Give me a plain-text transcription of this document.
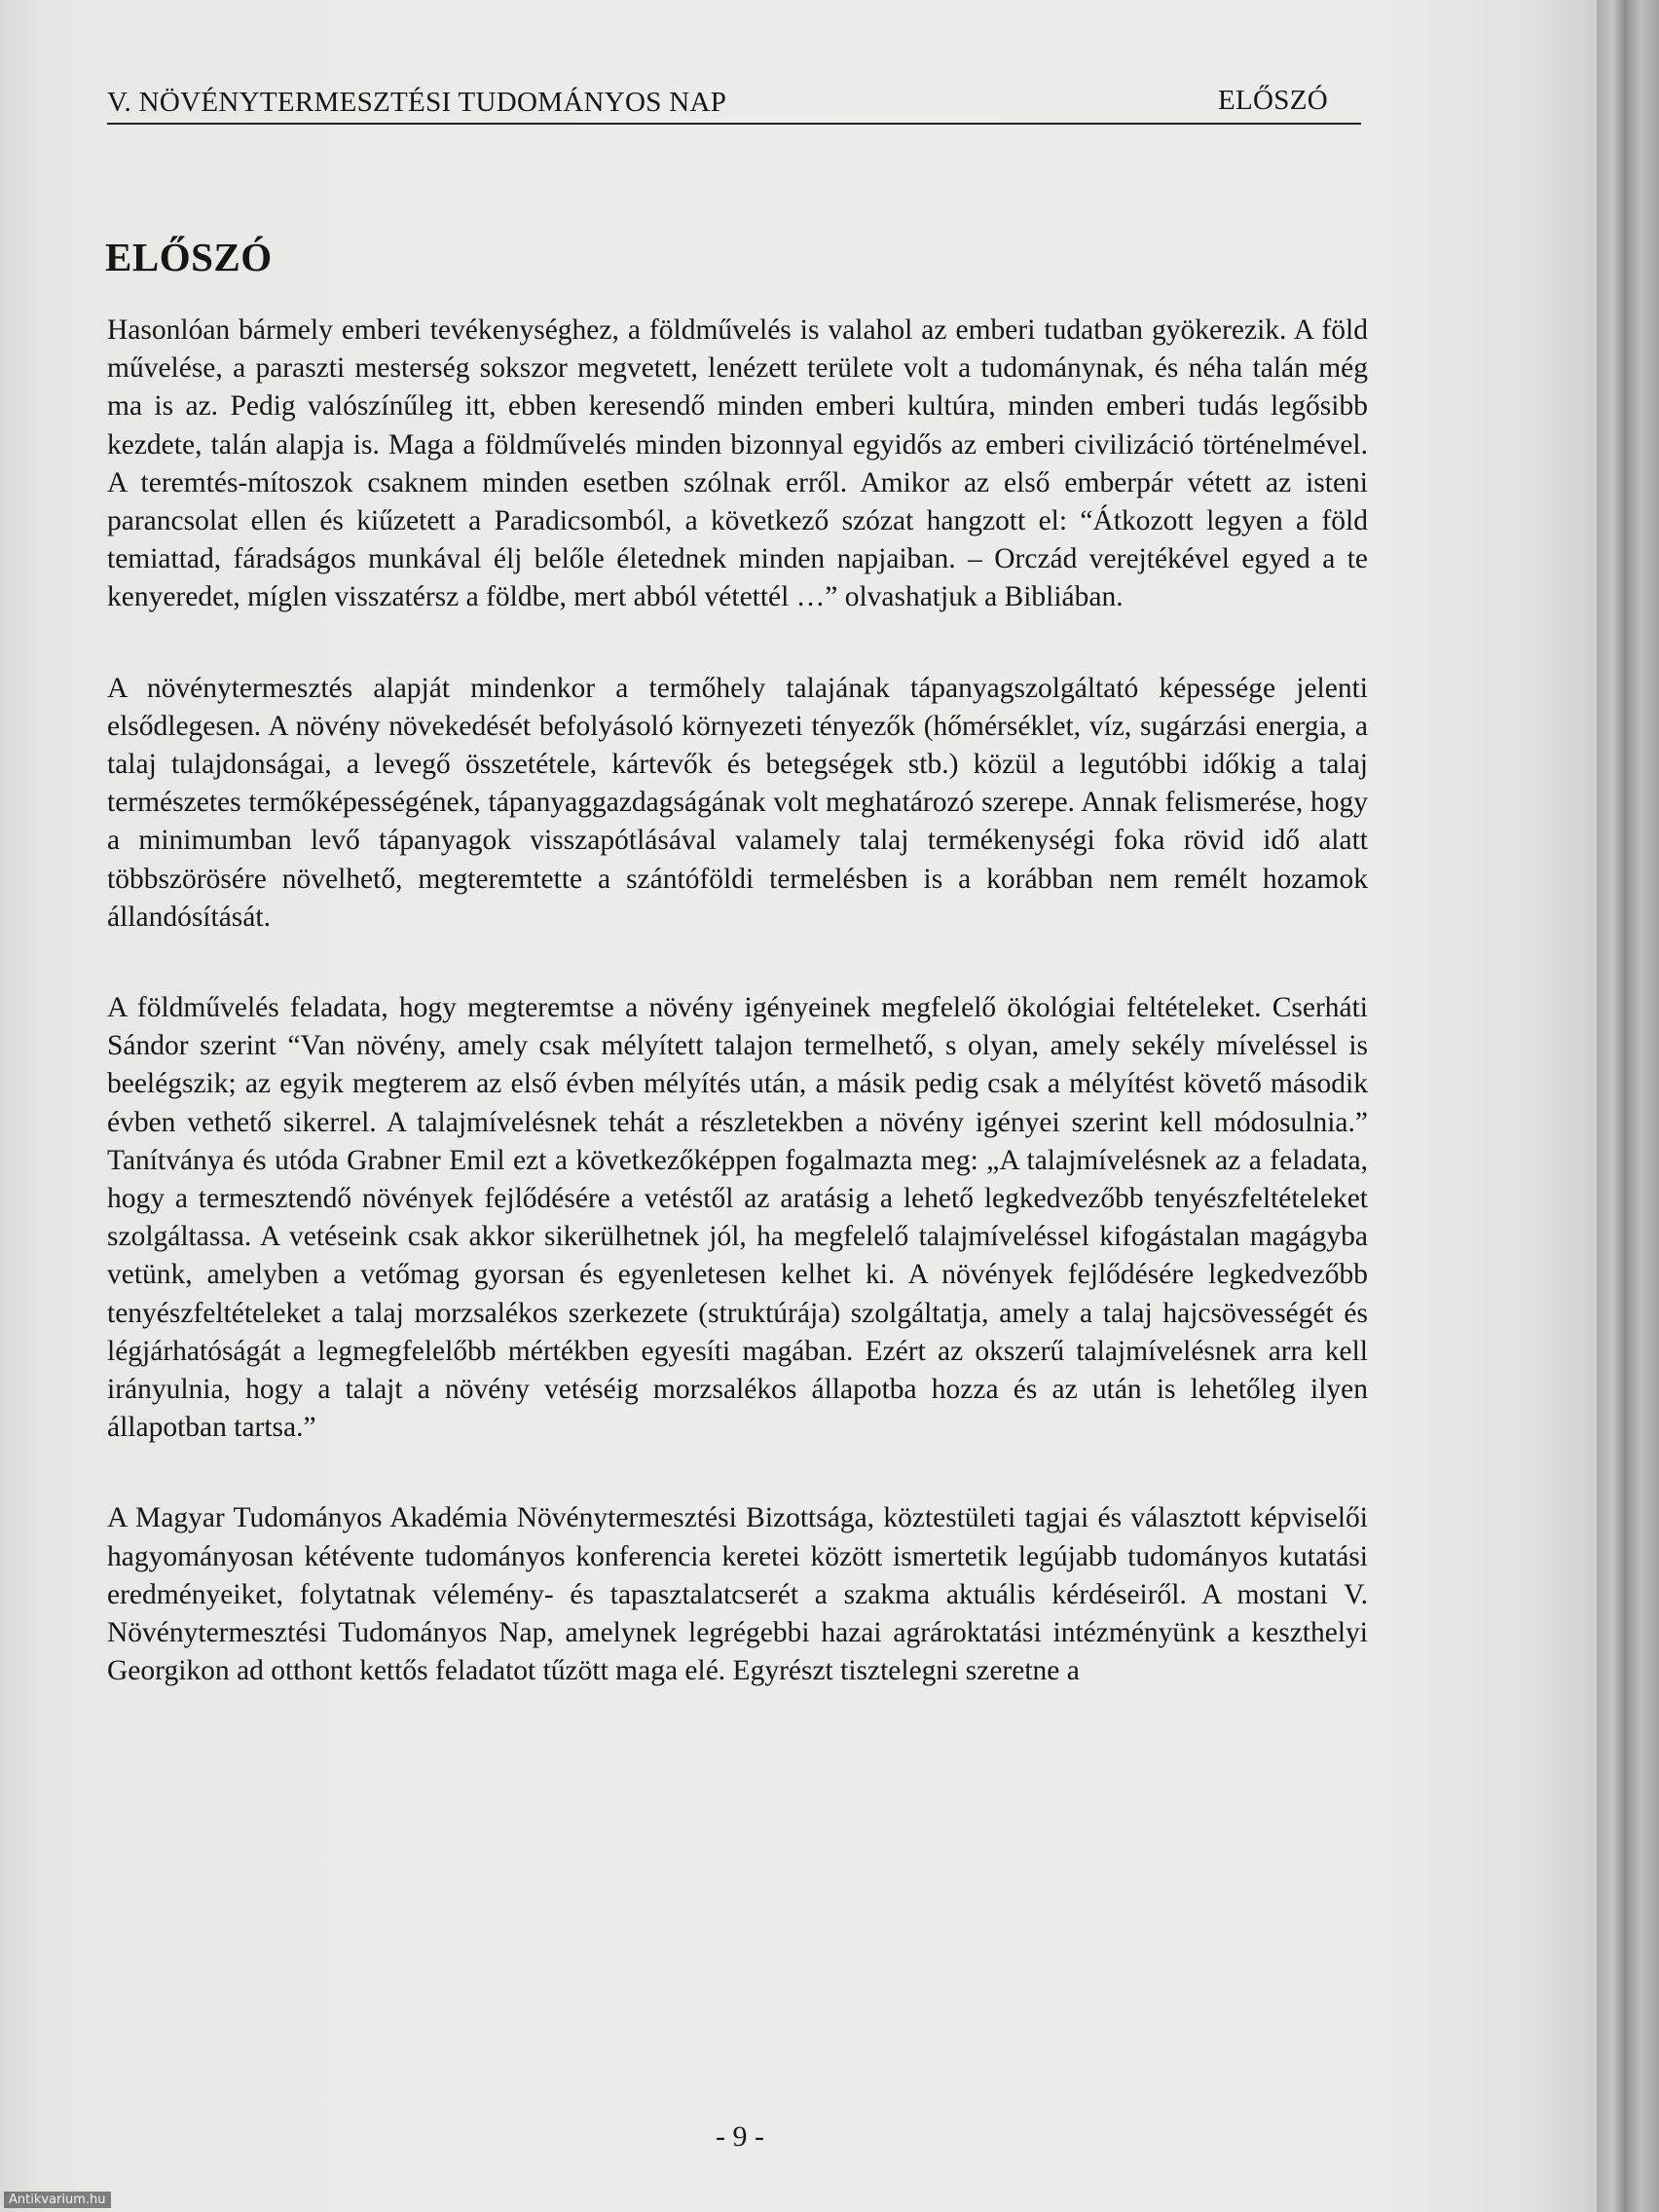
V. NÖVÉNYTERMESZTÉSI TUDOMÁNYOS NAP	ELŐSZÓ
ELŐSZÓ

Hasonlóan bármely emberi tevékenységhez, a földművelés is valahol az emberi tudatban gyökerezik. A föld művelése, a paraszti mesterség sokszor megvetett, lenézett területe volt a tudománynak, és néha talán még ma is az. Pedig valószínűleg itt, ebben keresendő minden emberi kultúra, minden emberi tudás legősibb kezdete, talán alapja is. Maga a földművelés minden bizonnyal egyidős az emberi civilizáció történelmével. A teremtés-mítoszok csaknem minden esetben szólnak erről. Amikor az első emberpár vétett az isteni parancsolat ellen és kiűzetett a Paradicsomból, a következő szózat hangzott el: “Átkozott legyen a föld temiattad, fáradságos munkával élj belőle életednek minden napjaiban. – Orczád verejtékével egyed a te kenyeredet, míglen visszatérsz a földbe, mert abból vétettél …” olvashatjuk a Bibliában.

A növénytermesztés alapját mindenkor a termőhely talajának tápanyagszolgáltató képessége jelenti elsődlegesen. A növény növekedését befolyásoló környezeti tényezők (hőmérséklet, víz, sugárzási energia, a talaj tulajdonságai, a levegő összetétele, kártevők és betegségek stb.) közül a legutóbbi időkig a talaj természetes termőképességének, tápanyaggazdagságának volt meghatározó szerepe. Annak felismerése, hogy a minimumban levő tápanyagok visszapótlásával valamely talaj termékenységi foka rövid idő alatt többszörösére növelhető, megteremtette a szántóföldi termelésben is a korábban nem remélt hozamok állandósítását.

A földművelés feladata, hogy megteremtse a növény igényeinek megfelelő ökológiai feltételeket. Cserháti Sándor szerint “Van növény, amely csak mélyített talajon termelhető, s olyan, amely sekély míveléssel is beelégszik; az egyik megterem az első évben mélyítés után, a másik pedig csak a mélyítést követő második évben vethető sikerrel. A talajmívelésnek tehát a részletekben a növény igényei szerint kell módosulnia.” Tanítványa és utóda Grabner Emil ezt a következőképpen fogalmazta meg: „A talajmívelésnek az a feladata, hogy a termesztendő növények fejlődésére a vetéstől az aratásig a lehető legkedvezőbb tenyészfeltételeket szolgáltassa. A vetéseink csak akkor sikerülhetnek jól, ha megfelelő talajmíveléssel kifogástalan magágyba vetünk, amelyben a vetőmag gyorsan és egyenletesen kelhet ki. A növények fejlődésére legkedvezőbb tenyészfeltételeket a talaj morzsalékos szerkezete (struktúrája) szolgáltatja, amely a talaj hajcsövességét és légjárhatóságát a legmegfelelőbb mértékben egyesíti magában. Ezért az okszerű talajmívelésnek arra kell irányulnia, hogy a talajt a növény vetéséig morzsalékos állapotba hozza és az után is lehetőleg ilyen állapotban tartsa.”

A Magyar Tudományos Akadémia Növénytermesztési Bizottsága, köztestületi tagjai és választott képviselői hagyományosan kétévente tudományos konferencia keretei között ismertetik legújabb tudományos kutatási eredményeiket, folytatnak vélemény- és tapasztalatcserét a szakma aktuális kérdéseiről. A mostani V. Növénytermesztési Tudományos Nap, amelynek legrégebbi hazai agrároktatási intézményünk a keszthelyi Georgikon ad otthont kettős feladatot tűzött maga elé. Egyrészt tisztelegni szeretne a

- 9 -
Antikvarium.hu
